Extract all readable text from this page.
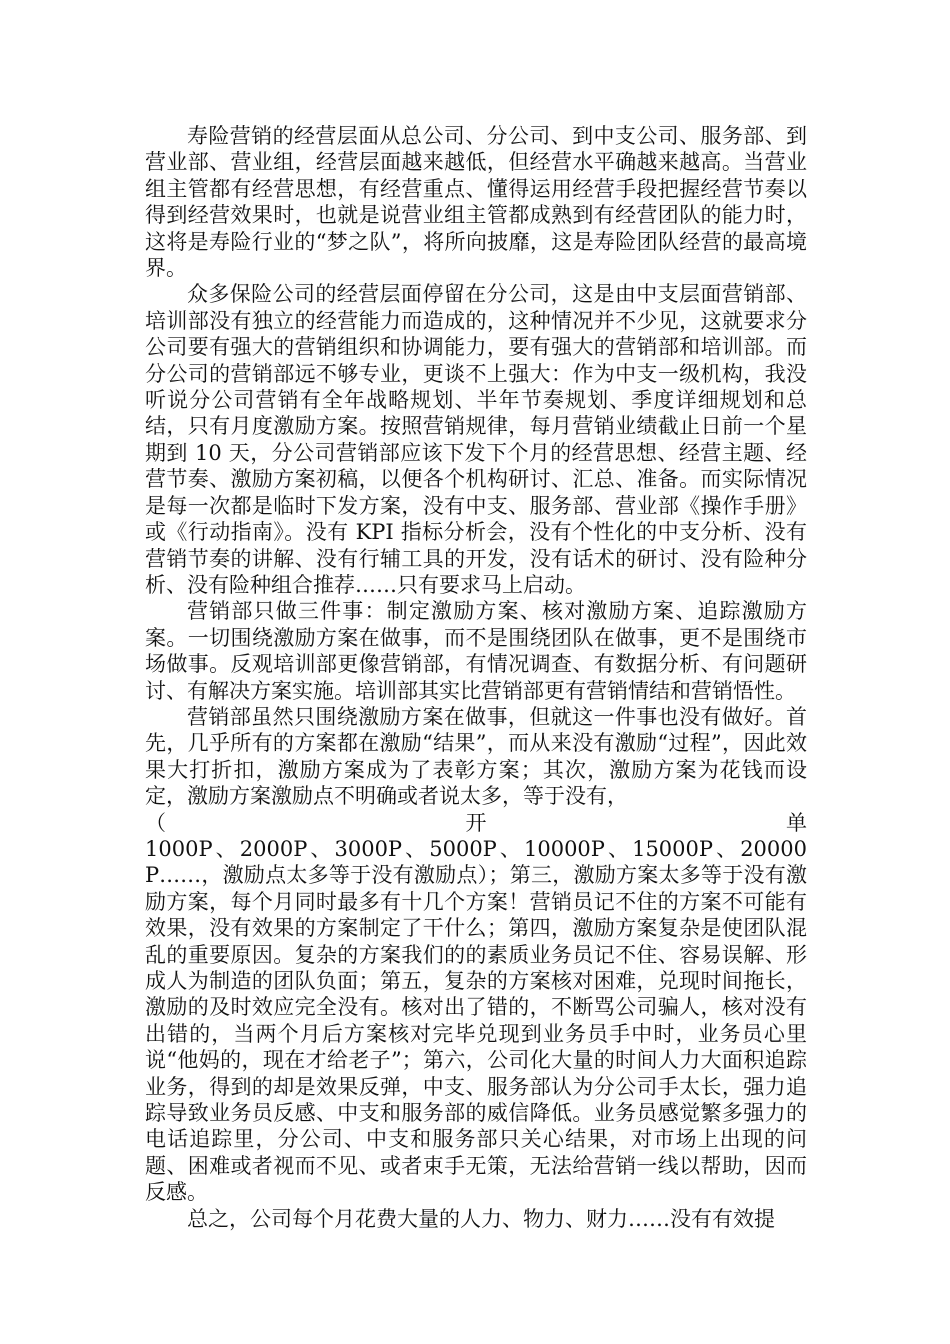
寿险营销的经营层面从总公司、分公司、到中支公司、服务部、到营业部、营业组，经营层面越来越低，但经营水平确越来越高。当营业组主管都有经营思想，有经营重点、懂得运用经营手段把握经营节奏以得到经营效果时，也就是说营业组主管都成熟到有经营团队的能力时，这将是寿险行业的“梦之队”，将所向披靡，这是寿险团队经营的最高境界。

众多保险公司的经营层面停留在分公司，这是由中支层面营销部、培训部没有独立的经营能力而造成的，这种情况并不少见，这就要求分公司要有强大的营销组织和协调能力，要有强大的营销部和培训部。而分公司的营销部远不够专业，更谈不上强大：作为中支一级机构，我没听说分公司营销有全年战略规划、半年节奏规划、季度详细规划和总结，只有月度激励方案。按照营销规律，每月营销业绩截止日前一个星期到 10 天，分公司营销部应该下发下个月的经营思想、经营主题、经营节奏、激励方案初稿，以便各个机构研讨、汇总、准备。而实际情况是每一次都是临时下发方案，没有中支、服务部、营业部《操作手册》或《行动指南》。没有 KPI 指标分析会，没有个性化的中支分析、没有营销节奏的讲解、没有行辅工具的开发，没有话术的研讨、没有险种分析、没有险种组合推荐……只有要求马上启动。

营销部只做三件事：制定激励方案、核对激励方案、追踪激励方案。一切围绕激励方案在做事，而不是围绕团队在做事，更不是围绕市场做事。反观培训部更像营销部，有情况调查、有数据分析、有问题研讨、有解决方案实施。培训部其实比营销部更有营销情结和营销悟性。

营销部虽然只围绕激励方案在做事，但就这一件事也没有做好。首先，几乎所有的方案都在激励“结果”，而从来没有激励“过程”，因此效果大打折扣，激励方案成为了表彰方案；其次，激励方案为花钱而设定，激励方案激励点不明确或者说太多，等于没有，

（	开	单

1000P、2000P、3000P、5000P、10000P、15000P、20000P……，激励点太多等于没有激励点）；第三，激励方案太多等于没有激励方案，每个月同时最多有十几个方案！营销员记不住的方案不可能有效果，没有效果的方案制定了干什么；第四，激励方案复杂是使团队混乱的重要原因。复杂的方案我们的的素质业务员记不住、容易误解、形成人为制造的团队负面；第五，复杂的方案核对困难，兑现时间拖长，激励的及时效应完全没有。核对出了错的，不断骂公司骗人，核对没有出错的，当两个月后方案核对完毕兑现到业务员手中时，业务员心里说“他妈的，现在才给老子”；第六，公司化大量的时间人力大面积追踪业务，得到的却是效果反弹，中支、服务部认为分公司手太长，强力追踪导致业务员反感、中支和服务部的威信降低。业务员感觉繁多强力的电话追踪里，分公司、中支和服务部只关心结果，对市场上出现的问题、困难或者视而不见、或者束手无策，无法给营销一线以帮助，因而反感。

总之，公司每个月花费大量的人力、物力、财力……没有有效提
